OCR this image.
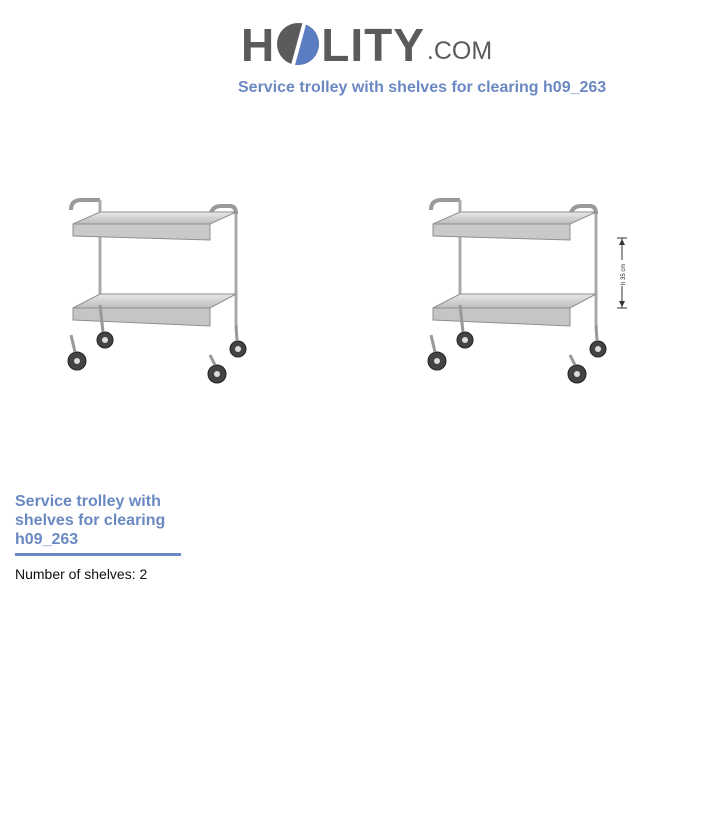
H LITY .COM
Service trolley with shelves for clearing h09_263
h 35 cm
Service trolley with shelves for clearing h09_263
Number of shelves: 2
